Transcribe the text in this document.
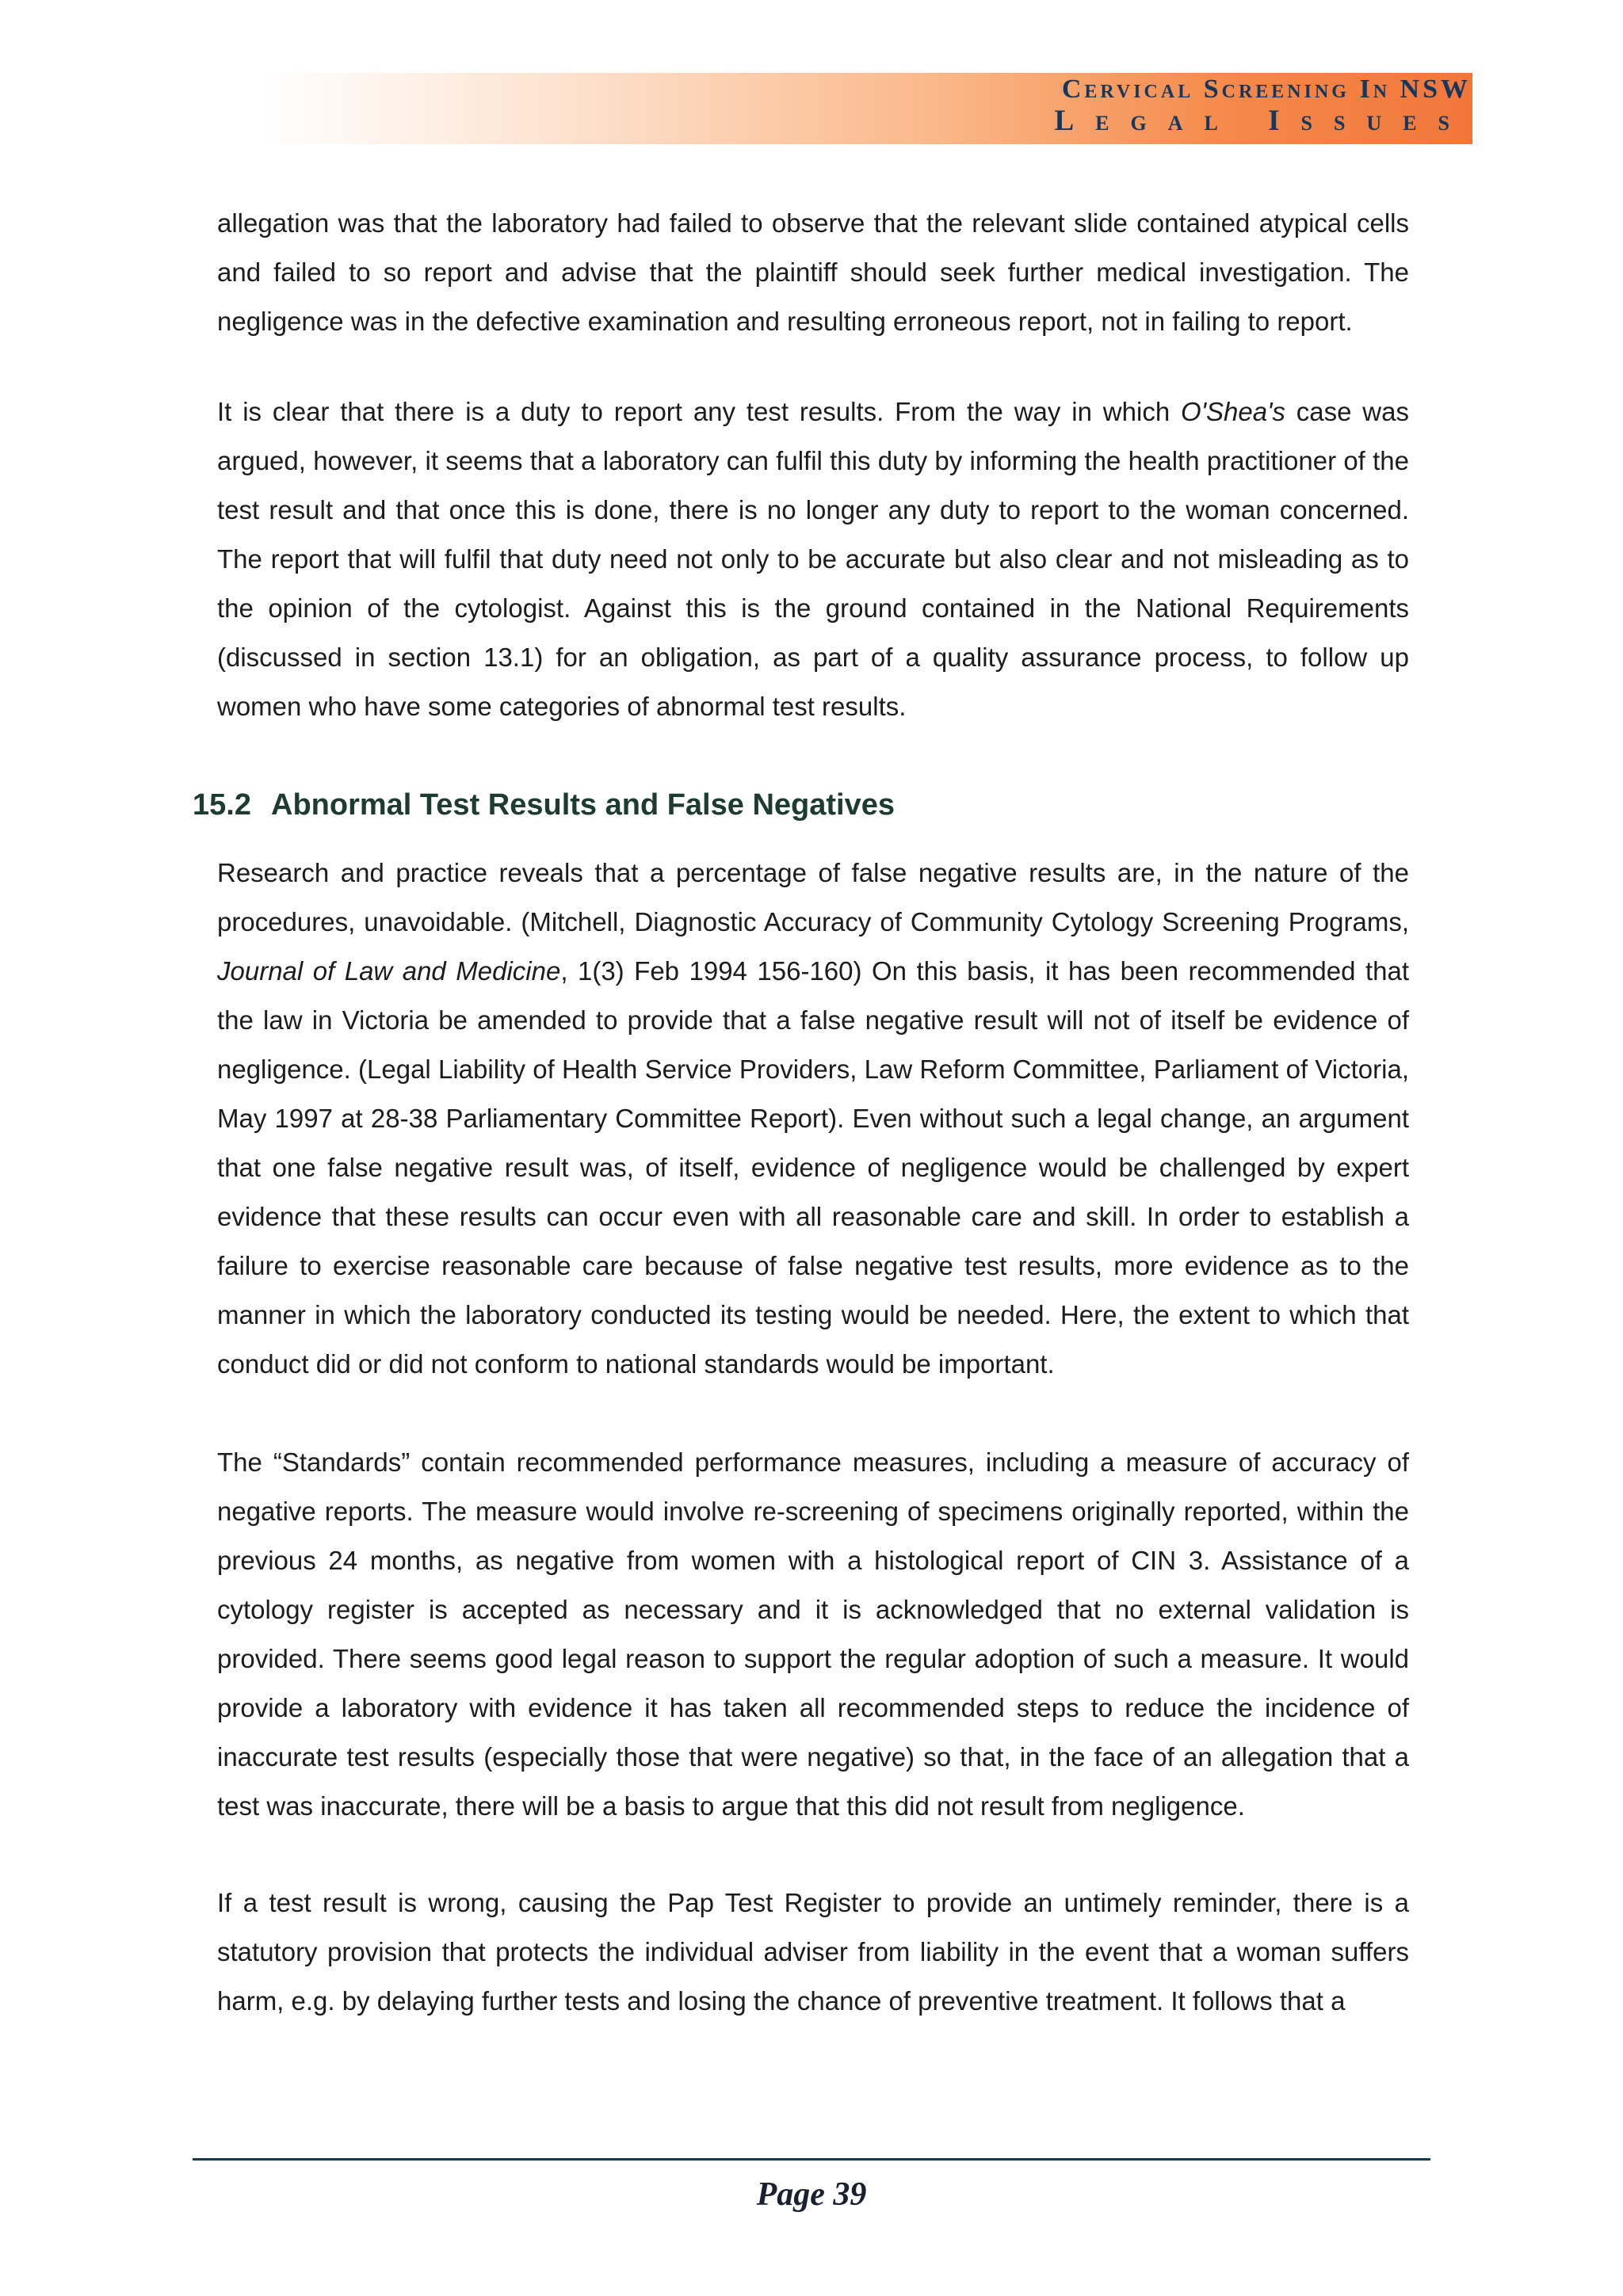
Cervical Screening In NSW
Legal Issues

allegation was that the laboratory had failed to observe that the relevant slide contained atypical cells and failed to so report and advise that the plaintiff should seek further medical investigation. The negligence was in the defective examination and resulting erroneous report, not in failing to report.

It is clear that there is a duty to report any test results. From the way in which O'Shea's case was argued, however, it seems that a laboratory can fulfil this duty by informing the health practitioner of the test result and that once this is done, there is no longer any duty to report to the woman concerned. The report that will fulfil that duty need not only to be accurate but also clear and not misleading as to the opinion of the cytologist. Against this is the ground contained in the National Requirements (discussed in section 13.1) for an obligation, as part of a quality assurance process, to follow up women who have some categories of abnormal test results.

15.2 Abnormal Test Results and False Negatives

Research and practice reveals that a percentage of false negative results are, in the nature of the procedures, unavoidable. (Mitchell, Diagnostic Accuracy of Community Cytology Screening Programs, Journal of Law and Medicine, 1(3) Feb 1994 156-160) On this basis, it has been recommended that the law in Victoria be amended to provide that a false negative result will not of itself be evidence of negligence. (Legal Liability of Health Service Providers, Law Reform Committee, Parliament of Victoria, May 1997 at 28-38 Parliamentary Committee Report). Even without such a legal change, an argument that one false negative result was, of itself, evidence of negligence would be challenged by expert evidence that these results can occur even with all reasonable care and skill. In order to establish a failure to exercise reasonable care because of false negative test results, more evidence as to the manner in which the laboratory conducted its testing would be needed. Here, the extent to which that conduct did or did not conform to national standards would be important.

The “Standards” contain recommended performance measures, including a measure of accuracy of negative reports. The measure would involve re-screening of specimens originally reported, within the previous 24 months, as negative from women with a histological report of CIN 3. Assistance of a cytology register is accepted as necessary and it is acknowledged that no external validation is provided. There seems good legal reason to support the regular adoption of such a measure. It would provide a laboratory with evidence it has taken all recommended steps to reduce the incidence of inaccurate test results (especially those that were negative) so that, in the face of an allegation that a test was inaccurate, there will be a basis to argue that this did not result from negligence.

If a test result is wrong, causing the Pap Test Register to provide an untimely reminder, there is a statutory provision that protects the individual adviser from liability in the event that a woman suffers harm, e.g. by delaying further tests and losing the chance of preventive treatment. It follows that a

Page 39
